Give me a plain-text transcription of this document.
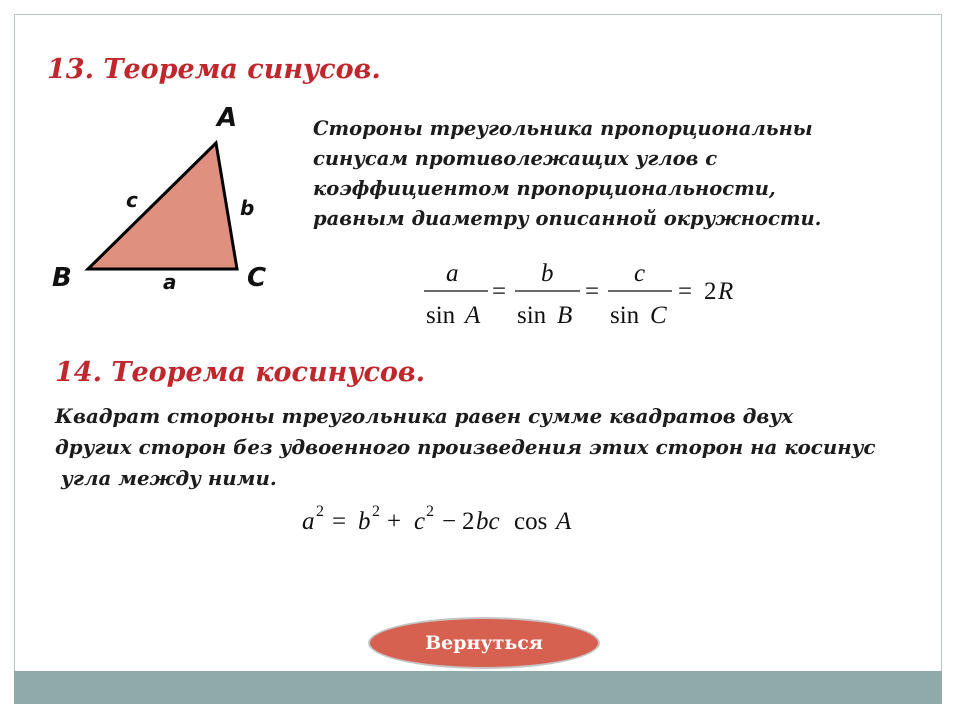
13. Теорема синусов.
A
B	C
a
b
c
Стороны треугольника пропорциональны
синусам противолежащих углов с
коэффициентом пропорциональности,
равным диаметру описанной окружности.
a
sin A
=
b
sin B
=
c
sin C
= 2 R
14. Теорема косинусов.
Квадрат стороны треугольника равен сумме квадратов двух
других сторон без удвоенного произведения этих сторон на косинус
угла между ними.
a 2 = b 2 + c 2 − 2 bc cos A
Вернуться
